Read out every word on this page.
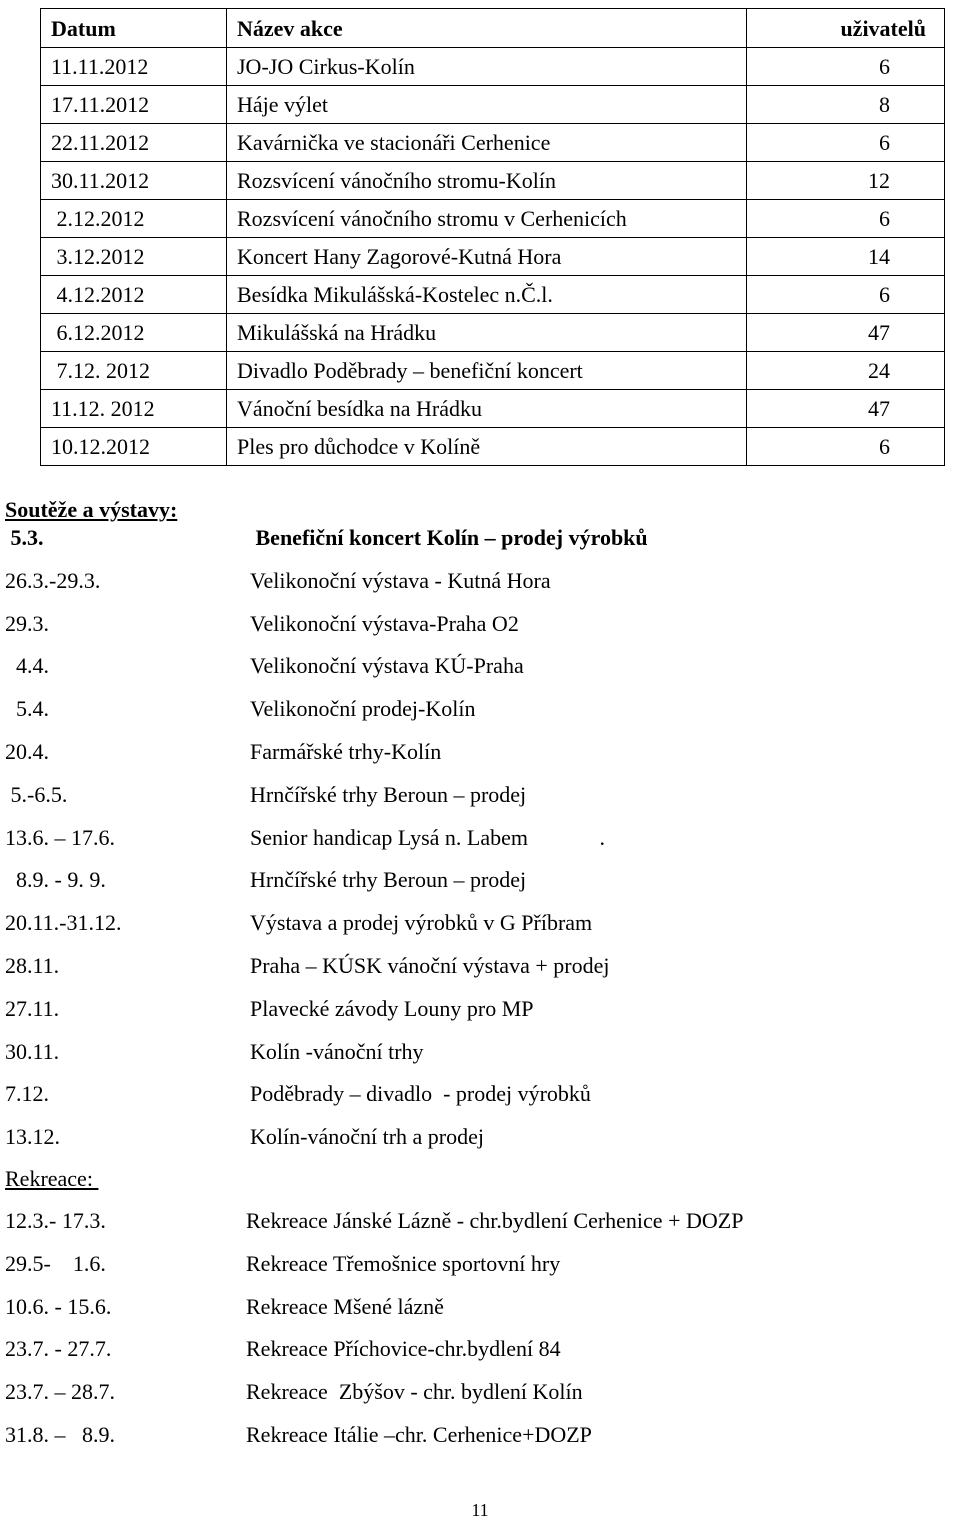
Datum	Název akce	uživatelů
11.11.2012	JO-JO Cirkus-Kolín	6
17.11.2012	Háje výlet	8
22.11.2012	Kavárnička ve stacionáři Cerhenice	6
30.11.2012	Rozsvícení vánočního stromu-Kolín	12
2.12.2012	Rozsvícení vánočního stromu v Cerhenicích	6
3.12.2012	Koncert Hany Zagorové-Kutná Hora	14
4.12.2012	Besídka Mikulášská-Kostelec n.Č.l.	6
6.12.2012	Mikulášská na Hrádku	47
7.12. 2012	Divadlo Poděbrady – benefiční koncert	24
11.12. 2012	Vánoční besídka na Hrádku	47
10.12.2012	Ples pro důchodce v Kolíně	6
Soutěže a výstavy:
5.3.	Benefiční koncert Kolín – prodej výrobků
26.3.-29.3.	Velikonoční výstava - Kutná Hora
29.3.	Velikonoční výstava-Praha O2
4.4.	Velikonoční výstava KÚ-Praha
5.4.	Velikonoční prodej-Kolín
20.4.	Farmářské trhy-Kolín
5.-6.5.	Hrnčířské trhy Beroun – prodej
13.6. – 17.6.	Senior handicap Lysá n. Labem             .
8.9. - 9. 9.	Hrnčířské trhy Beroun – prodej
20.11.-31.12.	Výstava a prodej výrobků v G Příbram
28.11.	Praha – KÚSK vánoční výstava + prodej
27.11.	Plavecké závody Louny pro MP
30.11.	Kolín -vánoční trhy
7.12.	Poděbrady – divadlo  - prodej výrobků
13.12.	Kolín-vánoční trh a prodej
Rekreace:
12.3.- 17.3.	Rekreace Jánské Lázně - chr.bydlení Cerhenice + DOZP
29.5-    1.6.	Rekreace Třemošnice sportovní hry
10.6. - 15.6.	Rekreace Mšené lázně
23.7. - 27.7.	Rekreace Příchovice-chr.bydlení 84
23.7. – 28.7.	Rekreace  Zbýšov - chr. bydlení Kolín
31.8. –   8.9.	Rekreace Itálie –chr. Cerhenice+DOZP
11
